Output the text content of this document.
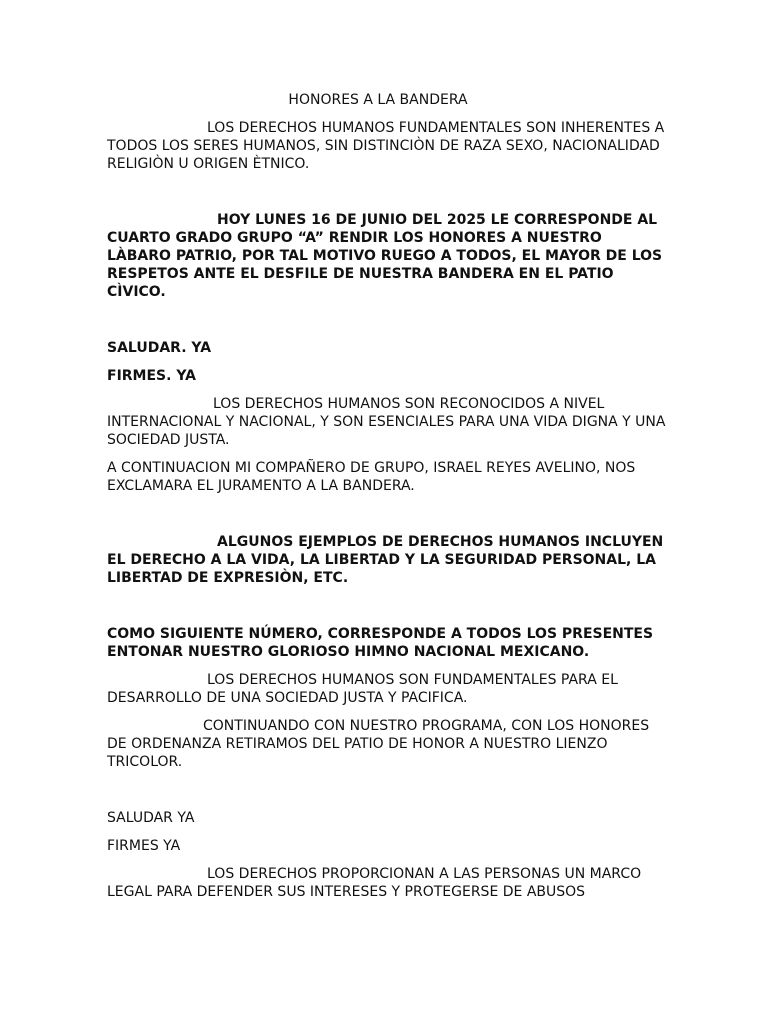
HONORES A LA BANDERA

LOS DERECHOS HUMANOS FUNDAMENTALES SON INHERENTES A TODOS LOS SERES HUMANOS, SIN DISTINCIÒN DE RAZA SEXO, NACIONALIDAD RELIGIÒN U ORIGEN ÈTNICO.

HOY LUNES 16 DE JUNIO DEL 2025 LE CORRESPONDE AL CUARTO GRADO GRUPO “A” RENDIR LOS HONORES A NUESTRO LÀBARO PATRIO, POR TAL MOTIVO RUEGO A TODOS, EL MAYOR DE LOS RESPETOS ANTE EL DESFILE DE NUESTRA BANDERA EN EL PATIO CÌVICO.

SALUDAR. YA

FIRMES. YA

LOS DERECHOS HUMANOS SON RECONOCIDOS A NIVEL INTERNACIONAL Y NACIONAL, Y SON ESENCIALES PARA UNA VIDA DIGNA Y UNA SOCIEDAD JUSTA.

A CONTINUACION MI COMPAÑERO DE GRUPO, ISRAEL REYES AVELINO, NOS EXCLAMARA EL JURAMENTO A LA BANDERA.

ALGUNOS EJEMPLOS DE DERECHOS HUMANOS INCLUYEN EL DERECHO A LA VIDA, LA LIBERTAD Y LA SEGURIDAD PERSONAL, LA LIBERTAD DE EXPRESIÒN, ETC.

COMO SIGUIENTE NÚMERO, CORRESPONDE A TODOS LOS PRESENTES ENTONAR NUESTRO GLORIOSO HIMNO NACIONAL MEXICANO.

LOS DERECHOS HUMANOS SON FUNDAMENTALES PARA EL DESARROLLO DE UNA SOCIEDAD JUSTA Y PACIFICA.

CONTINUANDO CON NUESTRO PROGRAMA, CON LOS HONORES DE ORDENANZA RETIRAMOS DEL PATIO DE HONOR A NUESTRO LIENZO TRICOLOR.

SALUDAR YA

FIRMES YA

LOS DERECHOS PROPORCIONAN A LAS PERSONAS UN MARCO LEGAL PARA DEFENDER SUS INTERESES Y PROTEGERSE DE ABUSOS
